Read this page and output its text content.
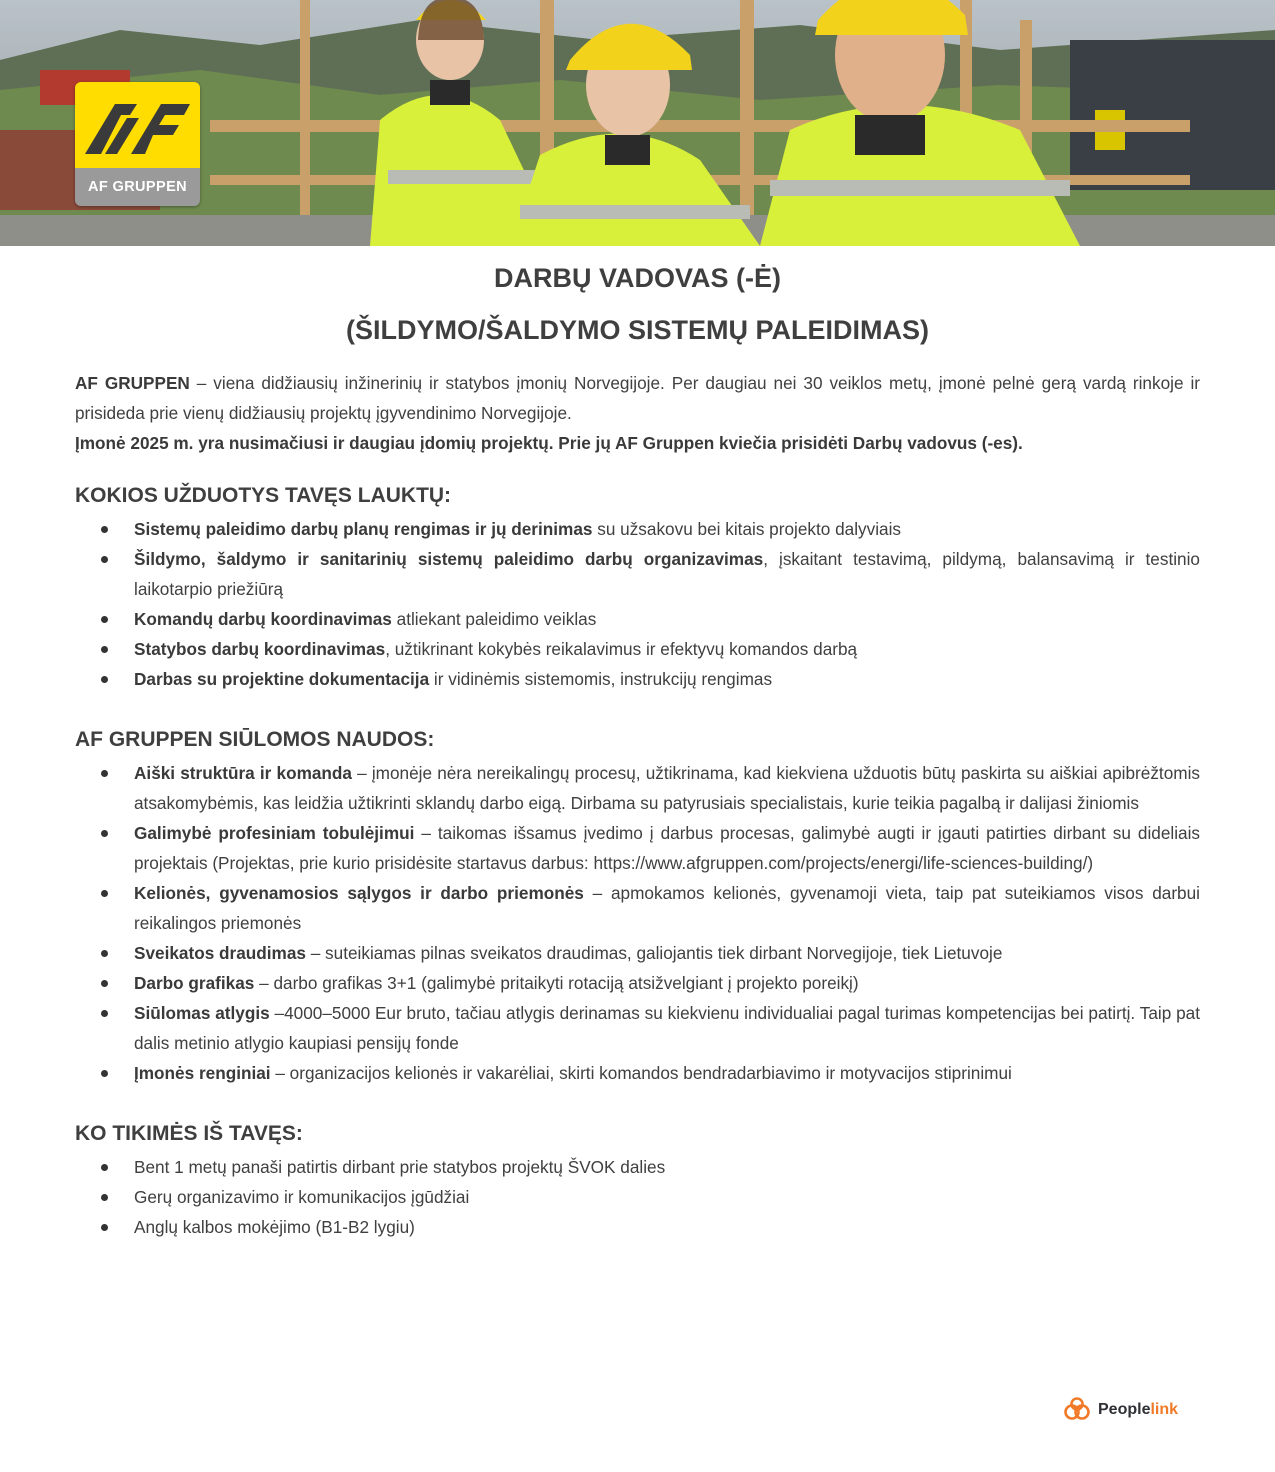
AF GRUPPEN
DARBŲ VADOVAS (-Ė)
(ŠILDYMO/ŠALDYMO SISTEMŲ PALEIDIMAS)

AF GRUPPEN – viena didžiausių inžinerinių ir statybos įmonių Norvegijoje. Per daugiau nei 30 veiklos metų, įmonė pelnė gerą vardą rinkoje ir prisideda prie vienų didžiausių projektų įgyvendinimo Norvegijoje.

Įmonė 2025 m. yra nusimačiusi ir daugiau įdomių projektų. Prie jų AF Gruppen kviečia prisidėti Darbų vadovus (-es).

KOKIOS UŽDUOTYS TAVĘS LAUKTŲ:
Sistemų paleidimo darbų planų rengimas ir jų derinimas su užsakovu bei kitais projekto dalyviais
Šildymo, šaldymo ir sanitarinių sistemų paleidimo darbų organizavimas, įskaitant testavimą, pildymą, balansavimą ir testinio laikotarpio priežiūrą
Komandų darbų koordinavimas atliekant paleidimo veiklas
Statybos darbų koordinavimas, užtikrinant kokybės reikalavimus ir efektyvų komandos darbą
Darbas su projektine dokumentacija ir vidinėmis sistemomis, instrukcijų rengimas
AF GRUPPEN SIŪLOMOS NAUDOS:
Aiški struktūra ir komanda – įmonėje nėra nereikalingų procesų, užtikrinama, kad kiekviena užduotis būtų paskirta su aiškiai apibrėžtomis atsakomybėmis, kas leidžia užtikrinti sklandų darbo eigą. Dirbama su patyrusiais specialistais, kurie teikia pagalbą ir dalijasi žiniomis
Galimybė profesiniam tobulėjimui – taikomas išsamus įvedimo į darbus procesas, galimybė augti ir įgauti patirties dirbant su dideliais projektais (Projektas, prie kurio prisidėsite startavus darbus: https://www.afgruppen.com/projects/energi/life-sciences-building/)
Kelionės, gyvenamosios sąlygos ir darbo priemonės – apmokamos kelionės, gyvenamoji vieta, taip pat suteikiamos visos darbui reikalingos priemonės
Sveikatos draudimas – suteikiamas pilnas sveikatos draudimas, galiojantis tiek dirbant Norvegijoje, tiek Lietuvoje
Darbo grafikas – darbo grafikas 3+1 (galimybė pritaikyti rotaciją atsižvelgiant į projekto poreikį)
Siūlomas atlygis –4000–5000 Eur bruto, tačiau atlygis derinamas su kiekvienu individualiai pagal turimas kompetencijas bei patirtį. Taip pat dalis metinio atlygio kaupiasi pensijų fonde
Įmonės renginiai – organizacijos kelionės ir vakarėliai, skirti komandos bendradarbiavimo ir motyvacijos stiprinimui
KO TIKIMĖS IŠ TAVĘS:
Bent 1 metų panaši patirtis dirbant prie statybos projektų ŠVOK dalies
Gerų organizavimo ir komunikacijos įgūdžiai
Anglų kalbos mokėjimo (B1-B2 lygiu)
Peoplelink
